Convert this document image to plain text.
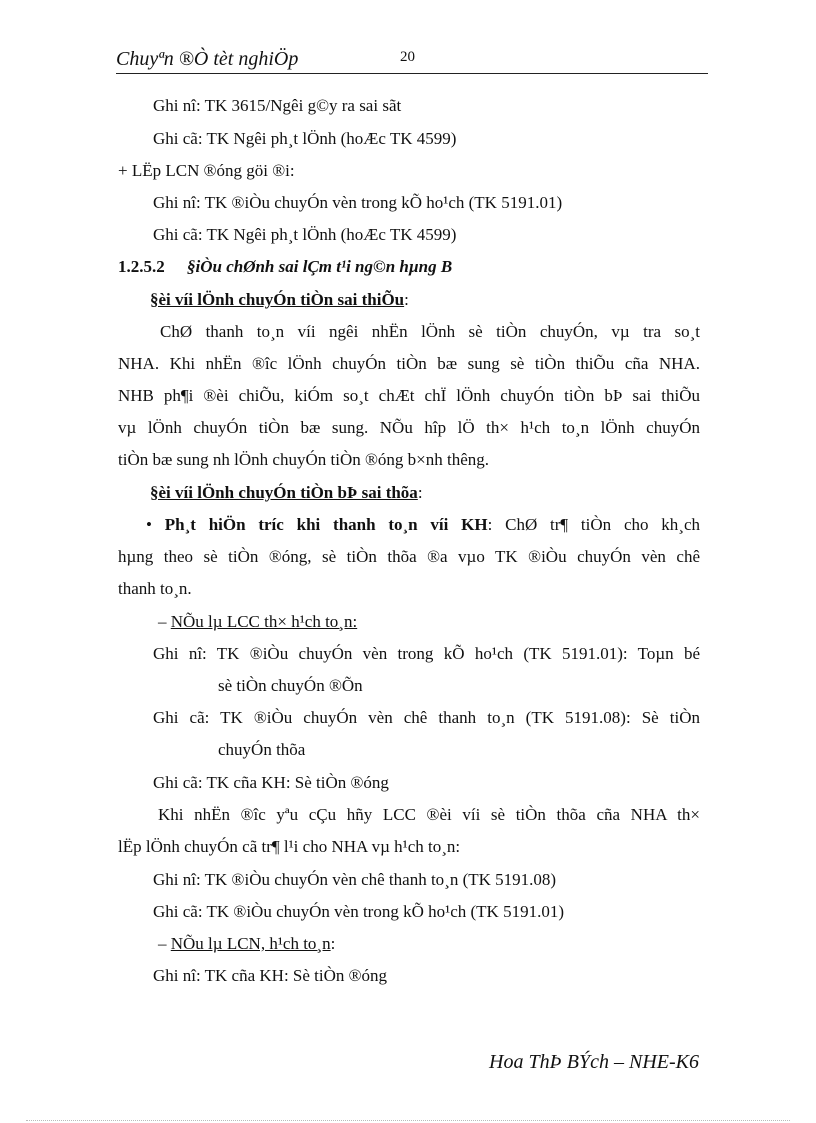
Chuyªn ®Ò tèt nghiÖp	20
Ghi nî: TK 3615/Ngêi g©y ra sai sãt
Ghi cã: TK Ngêi ph¸t lÖnh (hoÆc TK 4599)
+ LËp LCN ®óng göi ®i:
Ghi nî: TK ®iÒu chuyÓn vèn trong kÕ ho¹ch (TK 5191.01)
Ghi cã: TK Ngêi ph¸t lÖnh (hoÆc TK 4599)
1.2.5.2 §iÒu chØnh sai lÇm t¹i ng©n hµng B
§èi víi lÖnh chuyÓn tiÒn sai thiÕu:
ChØ thanh to¸n víi ngêi nhËn lÖnh sè tiÒn chuyÓn, vµ tra so¸t
NHA. Khi nhËn ®îc lÖnh chuyÓn tiÒn bæ sung sè tiÒn thiÕu cña NHA.
NHB ph¶i ®èi chiÕu, kiÓm so¸t chÆt chÏ lÖnh chuyÓn tiÒn bÞ sai thiÕu
vµ lÖnh chuyÓn tiÒn bæ sung. NÕu hîp lÖ th× h¹ch to¸n lÖnh chuyÓn
tiÒn bæ sung nh lÖnh chuyÓn tiÒn ®óng b×nh thêng.
§èi víi lÖnh chuyÓn tiÒn bÞ sai thõa:
• Ph¸t hiÖn tríc khi thanh to¸n víi KH: ChØ tr¶ tiÒn cho kh¸ch
hµng theo sè tiÒn ®óng, sè tiÒn thõa ®a vµo TK ®iÒu chuyÓn vèn chê
thanh to¸n.
– NÕu lµ LCC th× h¹ch to¸n:
Ghi nî: TK ®iÒu chuyÓn vèn trong kÕ ho¹ch (TK 5191.01): Toµn bé
sè tiÒn chuyÓn ®Õn
Ghi cã: TK ®iÒu chuyÓn vèn chê thanh to¸n (TK 5191.08): Sè tiÒn
chuyÓn thõa
Ghi cã: TK cña KH: Sè tiÒn ®óng
Khi nhËn ®îc yªu cÇu hñy LCC ®èi víi sè tiÒn thõa cña NHA th×
lËp lÖnh chuyÓn cã tr¶ l¹i cho NHA vµ h¹ch to¸n:
Ghi nî: TK ®iÒu chuyÓn vèn chê thanh to¸n (TK 5191.08)
Ghi cã: TK ®iÒu chuyÓn vèn trong kÕ ho¹ch (TK 5191.01)
– NÕu lµ LCN, h¹ch to¸n:
Ghi nî: TK cña KH: Sè tiÒn ®óng
Hoa ThÞ BÝch – NHE-K6
